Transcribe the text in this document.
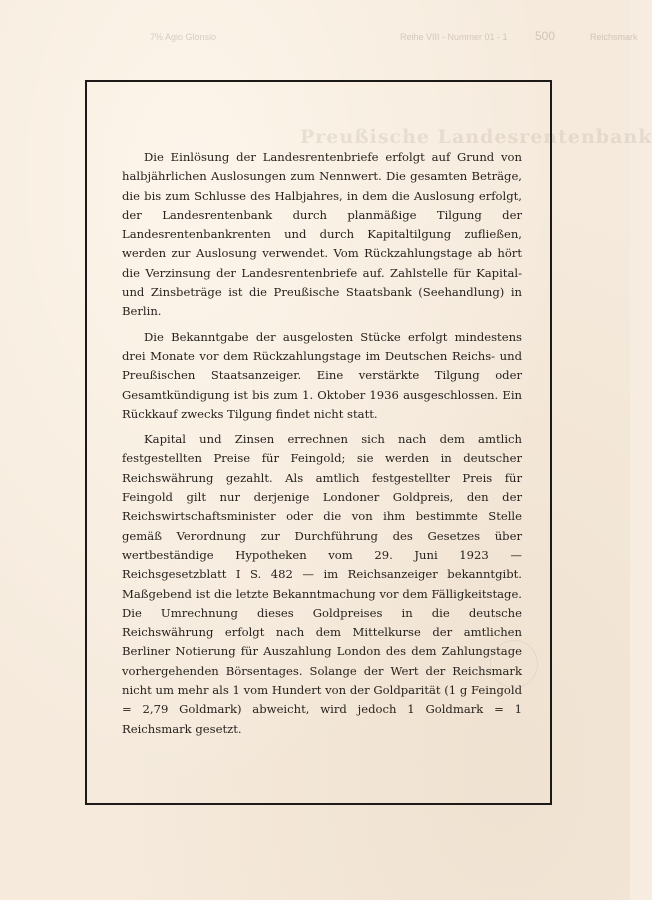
7% Agio Glonsio	Reihe VIII - Nummer 01 - 1 500	Reichsmark
Preußische Landesrentenbank

Die Einlösung der Landesrentenbriefe erfolgt auf Grund von halbjährlichen Auslosungen zum Nennwert. Die gesamten Beträge, die bis zum Schlusse des Halbjahres, in dem die Auslosung erfolgt, der Landesrentenbank durch planmäßige Tilgung der Landesrentenbankrenten und durch Kapitaltilgung zufließen, werden zur Auslosung verwendet. Vom Rückzahlungstage ab hört die Verzinsung der Landesrentenbriefe auf. Zahlstelle für Kapital- und Zinsbeträge ist die Preußische Staatsbank (Seehandlung) in Berlin.

Die Bekanntgabe der ausgelosten Stücke erfolgt mindestens drei Monate vor dem Rückzahlungstage im Deutschen Reichs- und Preußischen Staatsanzeiger. Eine verstärkte Tilgung oder Gesamtkündigung ist bis zum 1. Oktober 1936 ausgeschlossen. Ein Rückkauf zwecks Tilgung findet nicht statt.

Kapital und Zinsen errechnen sich nach dem amtlich festgestellten Preise für Feingold; sie werden in deutscher Reichswährung gezahlt. Als amtlich festgestellter Preis für Feingold gilt nur derjenige Londoner Goldpreis, den der Reichswirtschaftsminister oder die von ihm bestimmte Stelle gemäß Verordnung zur Durchführung des Gesetzes über wertbeständige Hypotheken vom 29. Juni 1923 — Reichsgesetzblatt I S. 482 — im Reichsanzeiger bekanntgibt. Maßgebend ist die letzte Bekanntmachung vor dem Fälligkeitstage. Die Umrechnung dieses Goldpreises in die deutsche Reichswährung erfolgt nach dem Mittelkurse der amtlichen Berliner Notierung für Auszahlung London des dem Zahlungstage vorhergehenden Börsentages. Solange der Wert der Reichsmark nicht um mehr als 1 vom Hundert von der Goldparität (1 g Feingold = 2,79 Goldmark) abweicht, wird jedoch 1 Goldmark = 1 Reichsmark gesetzt.
